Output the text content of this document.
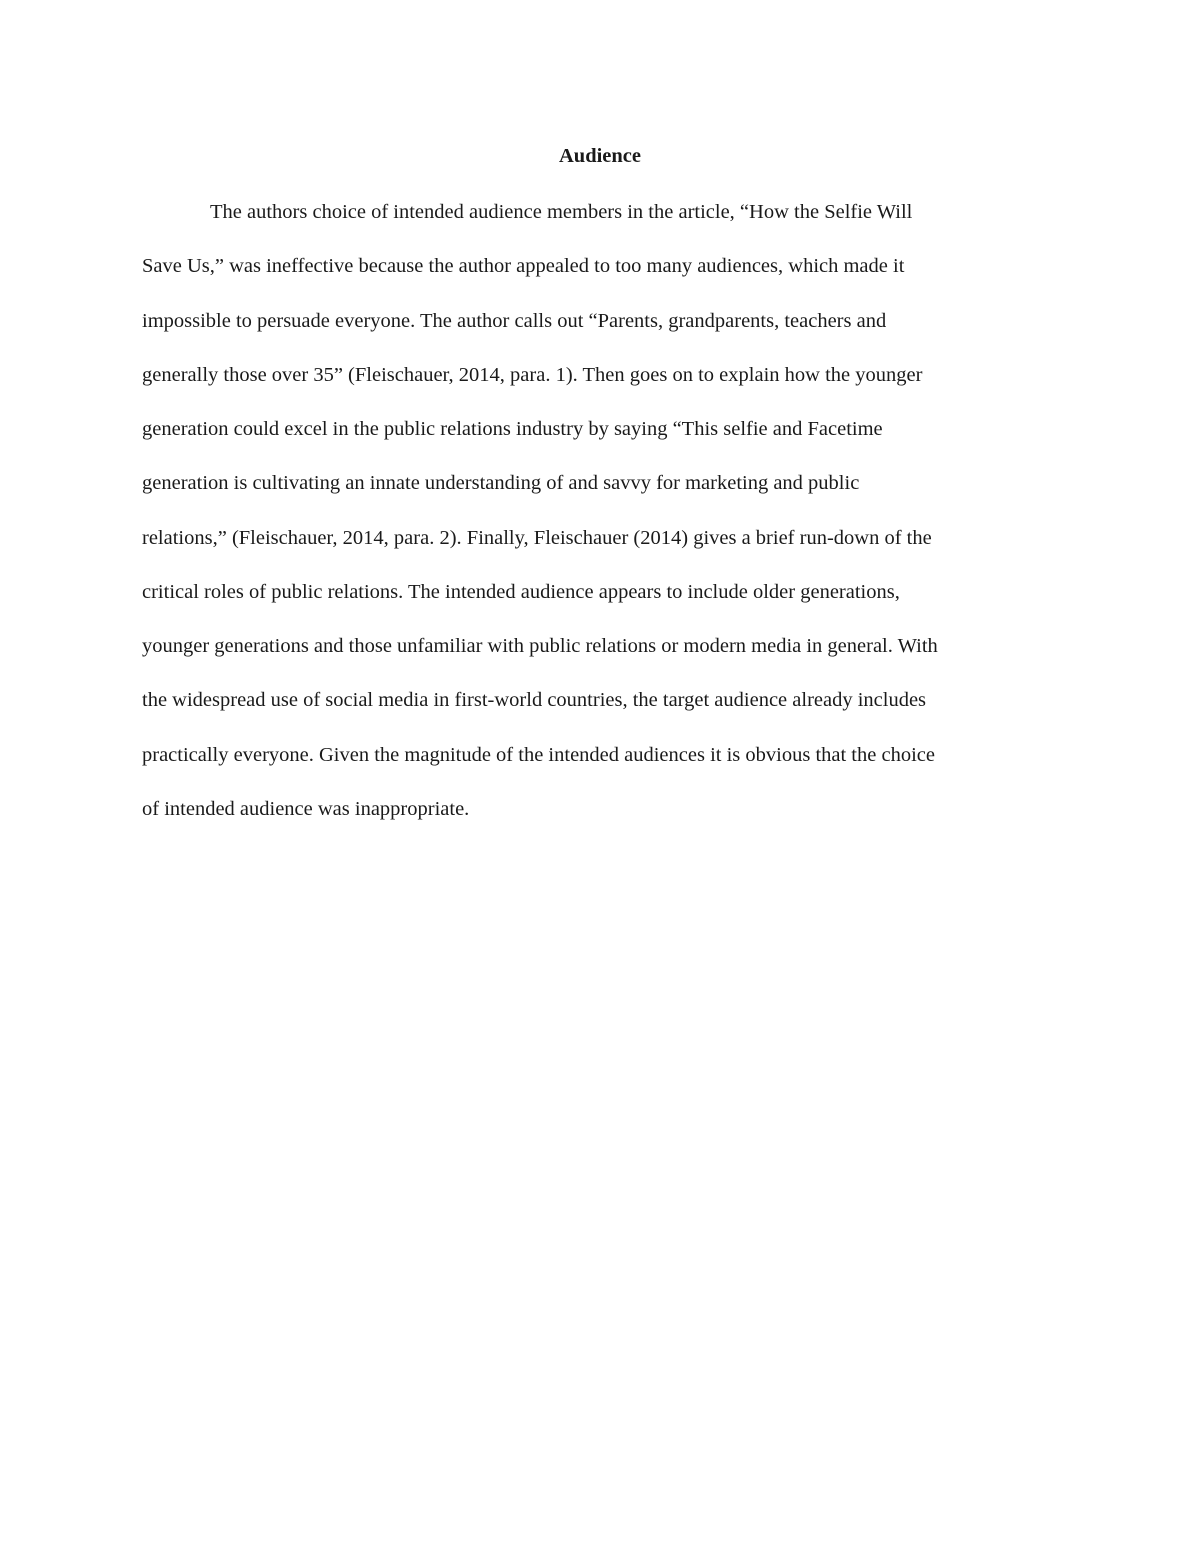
Audience
The authors choice of intended audience members in the article, “How the Selfie Will
Save Us,” was ineffective because the author appealed to too many audiences, which made it
impossible to persuade everyone. The author calls out “Parents, grandparents, teachers and
generally those over 35” (Fleischauer, 2014, para. 1). Then goes on to explain how the younger
generation could excel in the public relations industry by saying “This selfie and Facetime
generation is cultivating an innate understanding of and savvy for marketing and public
relations,” (Fleischauer, 2014, para. 2). Finally, Fleischauer (2014) gives a brief run-down of the
critical roles of public relations. The intended audience appears to include older generations,
younger generations and those unfamiliar with public relations or modern media in general. With
the widespread use of social media in first-world countries, the target audience already includes
practically everyone. Given the magnitude of the intended audiences it is obvious that the choice
of intended audience was inappropriate.
